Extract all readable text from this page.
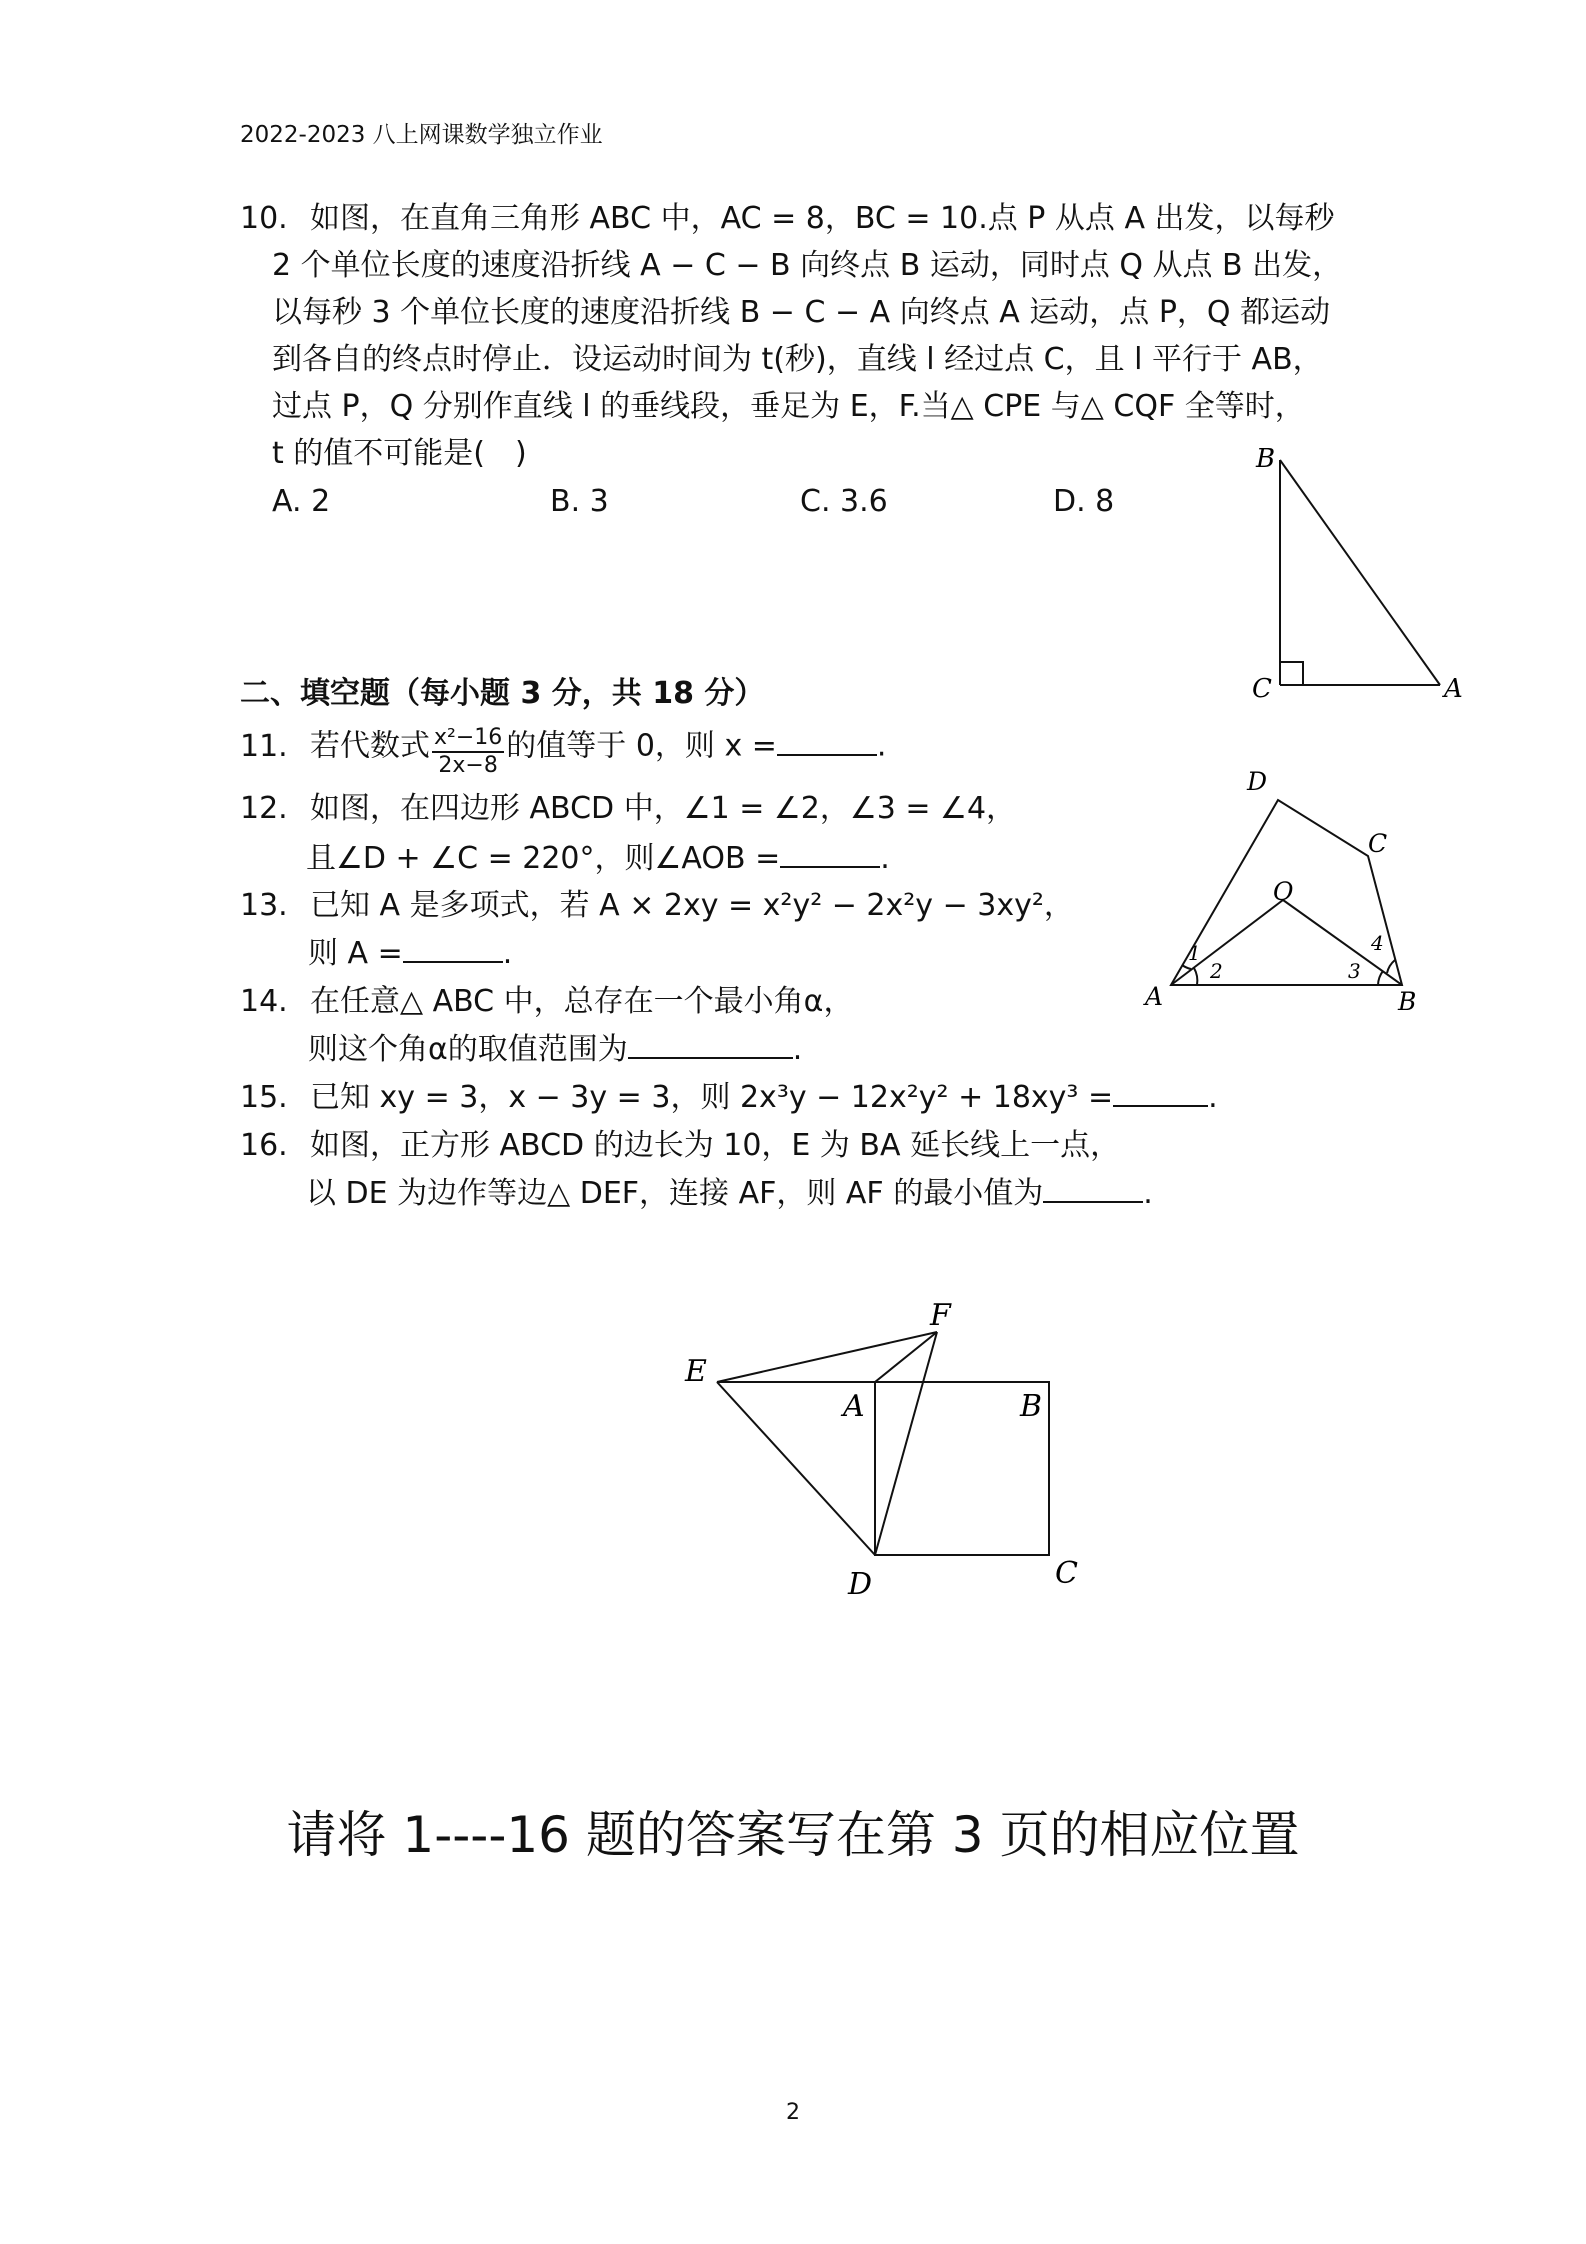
2022-2023 八上网课数学独立作业
10. 如图，在直角三角形 ABC 中，AC = 8，BC = 10.点 P 从点 A 出发，以每秒
2 个单位长度的速度沿折线 A − C − B 向终点 B 运动，同时点 Q 从点 B 出发，
以每秒 3 个单位长度的速度沿折线 B − C − A 向终点 A 运动，点 P，Q 都运动
到各自的终点时停止．设运动时间为 t(秒)，直线 l 经过点 C，且 l 平行于 AB，
过点 P，Q 分别作直线 l 的垂线段，垂足为 E，F.当△ CPE 与△ CQF 全等时，
t 的值不可能是(　)
A. 2	B. 3	C. 3.6	D. 8
B
C	A
二、填空题（每小题 3 分，共 18 分）
11. 若代数式 $\frac{\text{x²−16}}{2x-8}$ 的值等于 0，则 x =	.
12. 如图，在四边形 ABCD 中，∠1 = ∠2，∠3 = ∠4，
且∠D + ∠C = 220°，则∠AOB =	.
D
C
O
A	B
1
2	3
4
13. 已知 A 是多项式，若 A × 2xy = x²y² − 2x²y − 3xy²，
则 A =	.
14. 在任意△ ABC 中，总存在一个最小角α，
则这个角α的取值范围为	.
15. 已知 xy = 3，x − 3y = 3，则 2x³y − 12x²y² + 18xy³ =	.
16. 如图，正方形 ABCD 的边长为 10，E 为 BA 延长线上一点，
以 DE 为边作等边△ DEF，连接 AF，则 AF 的最小值为	.
F
E
A	B
D	C
请将 1----16 题的答案写在第 3 页的相应位置
2
